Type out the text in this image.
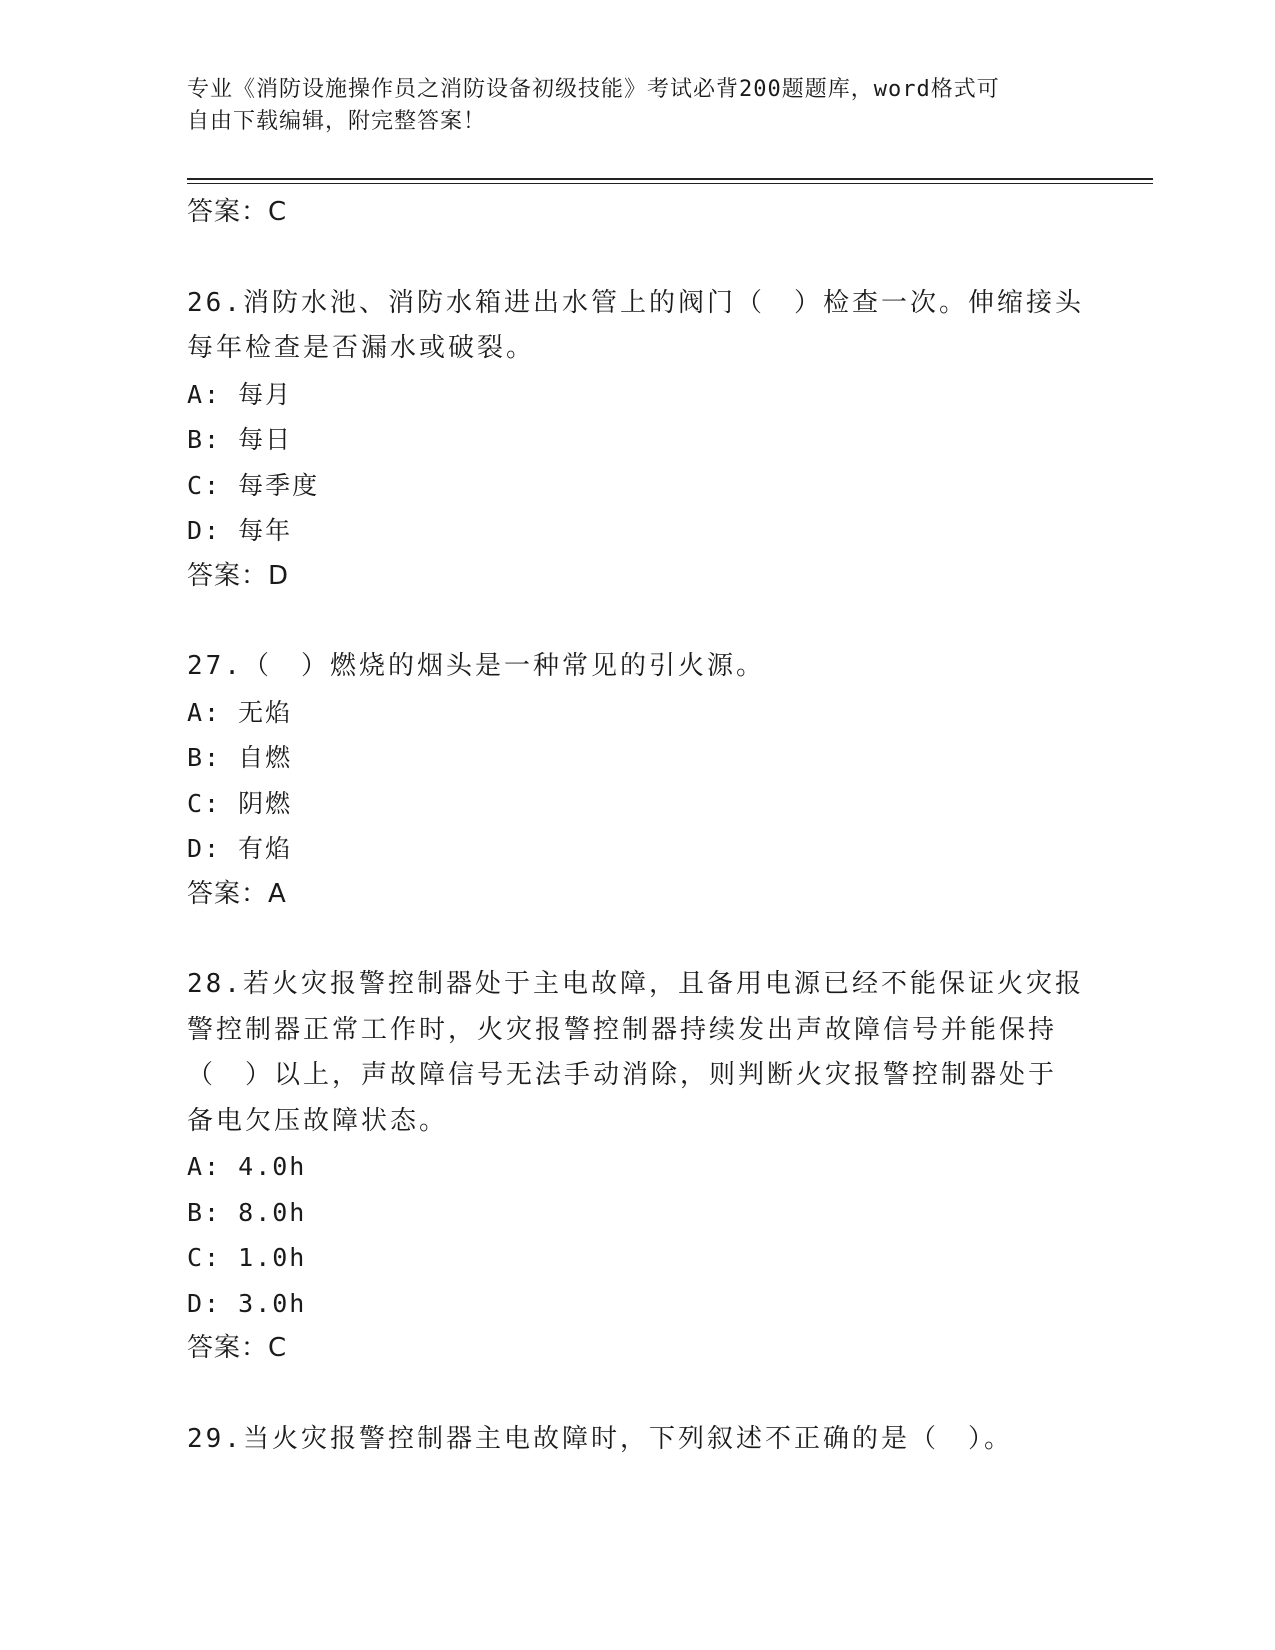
专业《消防设施操作员之消防设备初级技能》考试必背200题题库，word格式可
自由下载编辑，附完整答案！
答案：C
26.消防水池、消防水箱进出水管上的阀门（　）检查一次。伸缩接头
每年检查是否漏水或破裂。
A: 每月
B: 每日
C: 每季度
D: 每年
答案：D
27.（　）燃烧的烟头是一种常见的引火源。
A: 无焰
B: 自燃
C: 阴燃
D: 有焰
答案：A
28.若火灾报警控制器处于主电故障，且备用电源已经不能保证火灾报
警控制器正常工作时，火灾报警控制器持续发出声故障信号并能保持
（　）以上，声故障信号无法手动消除，则判断火灾报警控制器处于
备电欠压故障状态。
A: 4.0h
B: 8.0h
C: 1.0h
D: 3.0h
答案：C
29.当火灾报警控制器主电故障时，下列叙述不正确的是（　）。
